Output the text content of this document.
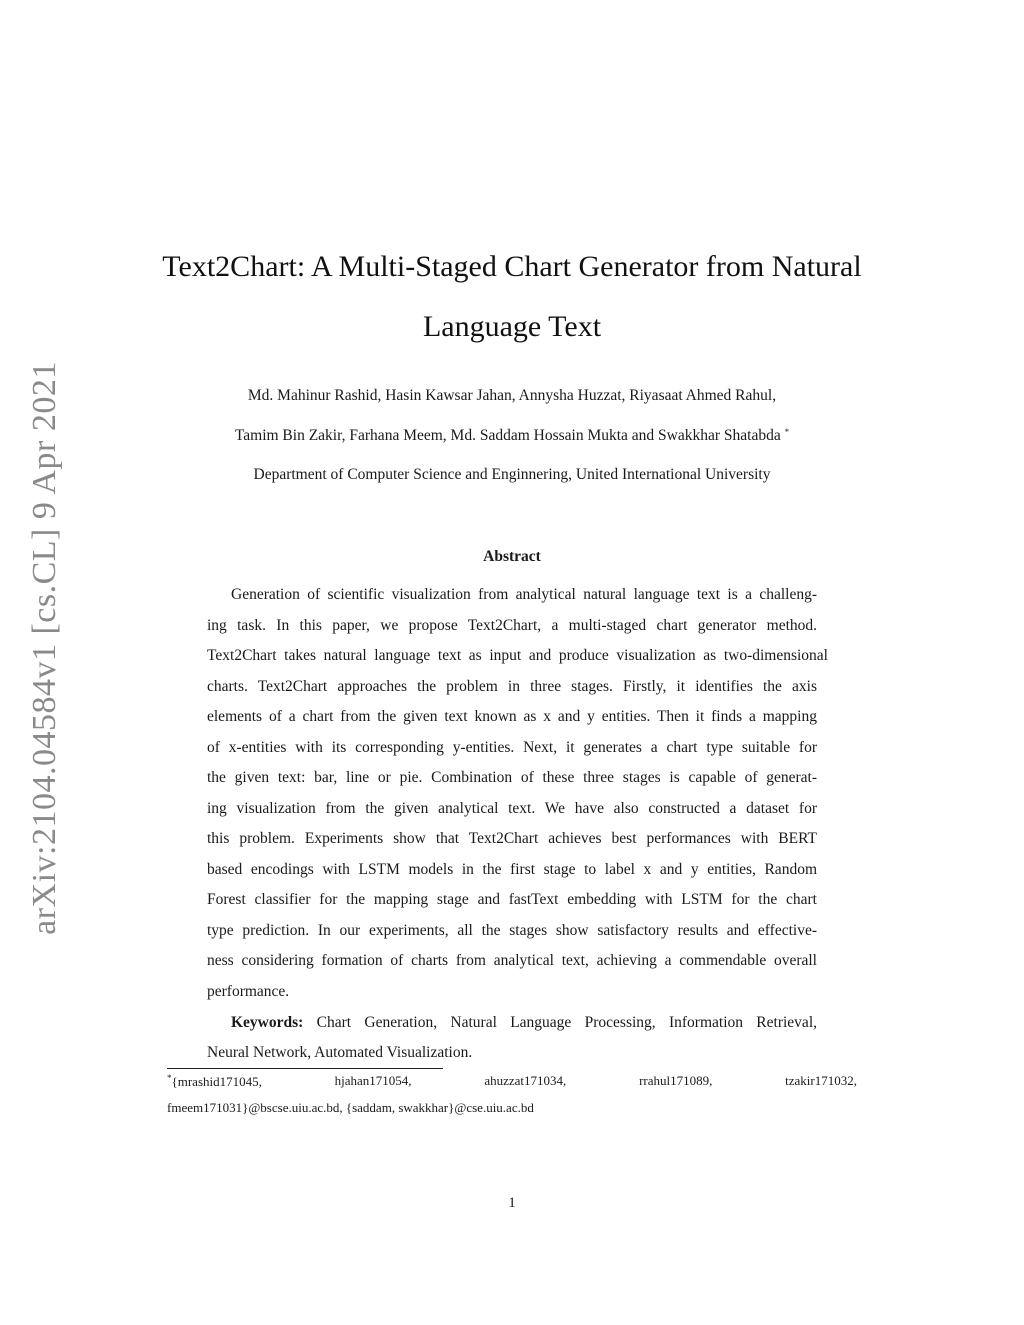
arXiv:2104.04584v1 [cs.CL] 9 Apr 2021
Text2Chart: A Multi-Staged Chart Generator from Natural
Language Text
Md. Mahinur Rashid, Hasin Kawsar Jahan, Annysha Huzzat, Riyasaat Ahmed Rahul,
Tamim Bin Zakir, Farhana Meem, Md. Saddam Hossain Mukta and Swakkhar Shatabda *
Department of Computer Science and Enginnering, United International University
Abstract
Generation of scientific visualization from analytical natural language text is a challeng-
ing task. In this paper, we propose Text2Chart, a multi-staged chart generator method.
Text2Chart takes natural language text as input and produce visualization as two-dimensional
charts. Text2Chart approaches the problem in three stages. Firstly, it identifies the axis
elements of a chart from the given text known as x and y entities. Then it finds a mapping
of x-entities with its corresponding y-entities. Next, it generates a chart type suitable for
the given text: bar, line or pie. Combination of these three stages is capable of generat-
ing visualization from the given analytical text. We have also constructed a dataset for
this problem. Experiments show that Text2Chart achieves best performances with BERT
based encodings with LSTM models in the first stage to label x and y entities, Random
Forest classifier for the mapping stage and fastText embedding with LSTM for the chart
type prediction. In our experiments, all the stages show satisfactory results and effective-
ness considering formation of charts from analytical text, achieving a commendable overall
performance.
Keywords: Chart Generation, Natural Language Processing, Information Retrieval,
Neural Network, Automated Visualization.
*{mrashid171045,	hjahan171054,	ahuzzat171034,	rrahul171089,	tzakir171032,
fmeem171031}@bscse.uiu.ac.bd, {saddam, swakkhar}@cse.uiu.ac.bd
1
